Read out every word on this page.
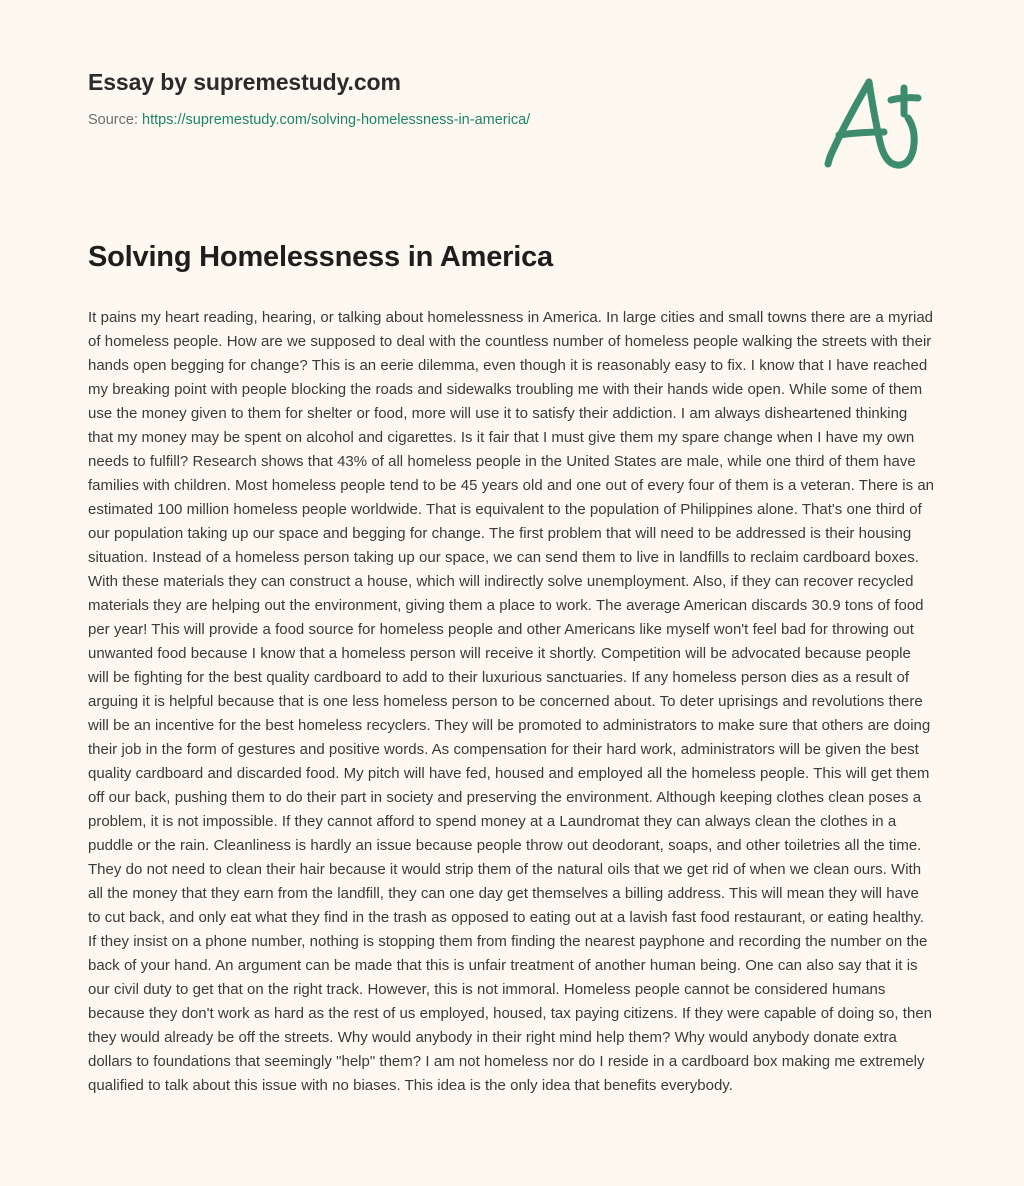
Essay by supremestudy.com
Source: https://supremestudy.com/solving-homelessness-in-america/
Solving Homelessness in America

It pains my heart reading, hearing, or talking about homelessness in America. In large cities and small towns there are a myriad of homeless people. How are we supposed to deal with the countless number of homeless people walking the streets with their hands open begging for change? This is an eerie dilemma, even though it is reasonably easy to fix. I know that I have reached my breaking point with people blocking the roads and sidewalks troubling me with their hands wide open. While some of them use the money given to them for shelter or food, more will use it to satisfy their addiction. I am always disheartened thinking that my money may be spent on alcohol and cigarettes. Is it fair that I must give them my spare change when I have my own needs to fulfill? Research shows that 43% of all homeless people in the United States are male, while one third of them have families with children. Most homeless people tend to be 45 years old and one out of every four of them is a veteran. There is an estimated 100 million homeless people worldwide. That is equivalent to the population of Philippines alone. That's one third of our population taking up our space and begging for change. The first problem that will need to be addressed is their housing situation. Instead of a homeless person taking up our space, we can send them to live in landfills to reclaim cardboard boxes. With these materials they can construct a house, which will indirectly solve unemployment. Also, if they can recover recycled materials they are helping out the environment, giving them a place to work. The average American discards 30.9 tons of food per year! This will provide a food source for homeless people and other Americans like myself won't feel bad for throwing out unwanted food because I know that a homeless person will receive it shortly. Competition will be advocated because people will be fighting for the best quality cardboard to add to their luxurious sanctuaries. If any homeless person dies as a result of arguing it is helpful because that is one less homeless person to be concerned about. To deter uprisings and revolutions there will be an incentive for the best homeless recyclers. They will be promoted to administrators to make sure that others are doing their job in the form of gestures and positive words. As compensation for their hard work, administrators will be given the best quality cardboard and discarded food. My pitch will have fed, housed and employed all the homeless people. This will get them off our back, pushing them to do their part in society and preserving the environment. Although keeping clothes clean poses a problem, it is not impossible. If they cannot afford to spend money at a Laundromat they can always clean the clothes in a puddle or the rain. Cleanliness is hardly an issue because people throw out deodorant, soaps, and other toiletries all the time. They do not need to clean their hair because it would strip them of the natural oils that we get rid of when we clean ours. With all the money that they earn from the landfill, they can one day get themselves a billing address. This will mean they will have to cut back, and only eat what they find in the trash as opposed to eating out at a lavish fast food restaurant, or eating healthy. If they insist on a phone number, nothing is stopping them from finding the nearest payphone and recording the number on the back of your hand. An argument can be made that this is unfair treatment of another human being. One can also say that it is our civil duty to get that on the right track. However, this is not immoral. Homeless people cannot be considered humans because they don't work as hard as the rest of us employed, housed, tax paying citizens. If they were capable of doing so, then they would already be off the streets. Why would anybody in their right mind help them? Why would anybody donate extra dollars to foundations that seemingly "help" them? I am not homeless nor do I reside in a cardboard box making me extremely qualified to talk about this issue with no biases. This idea is the only idea that benefits everybody.
